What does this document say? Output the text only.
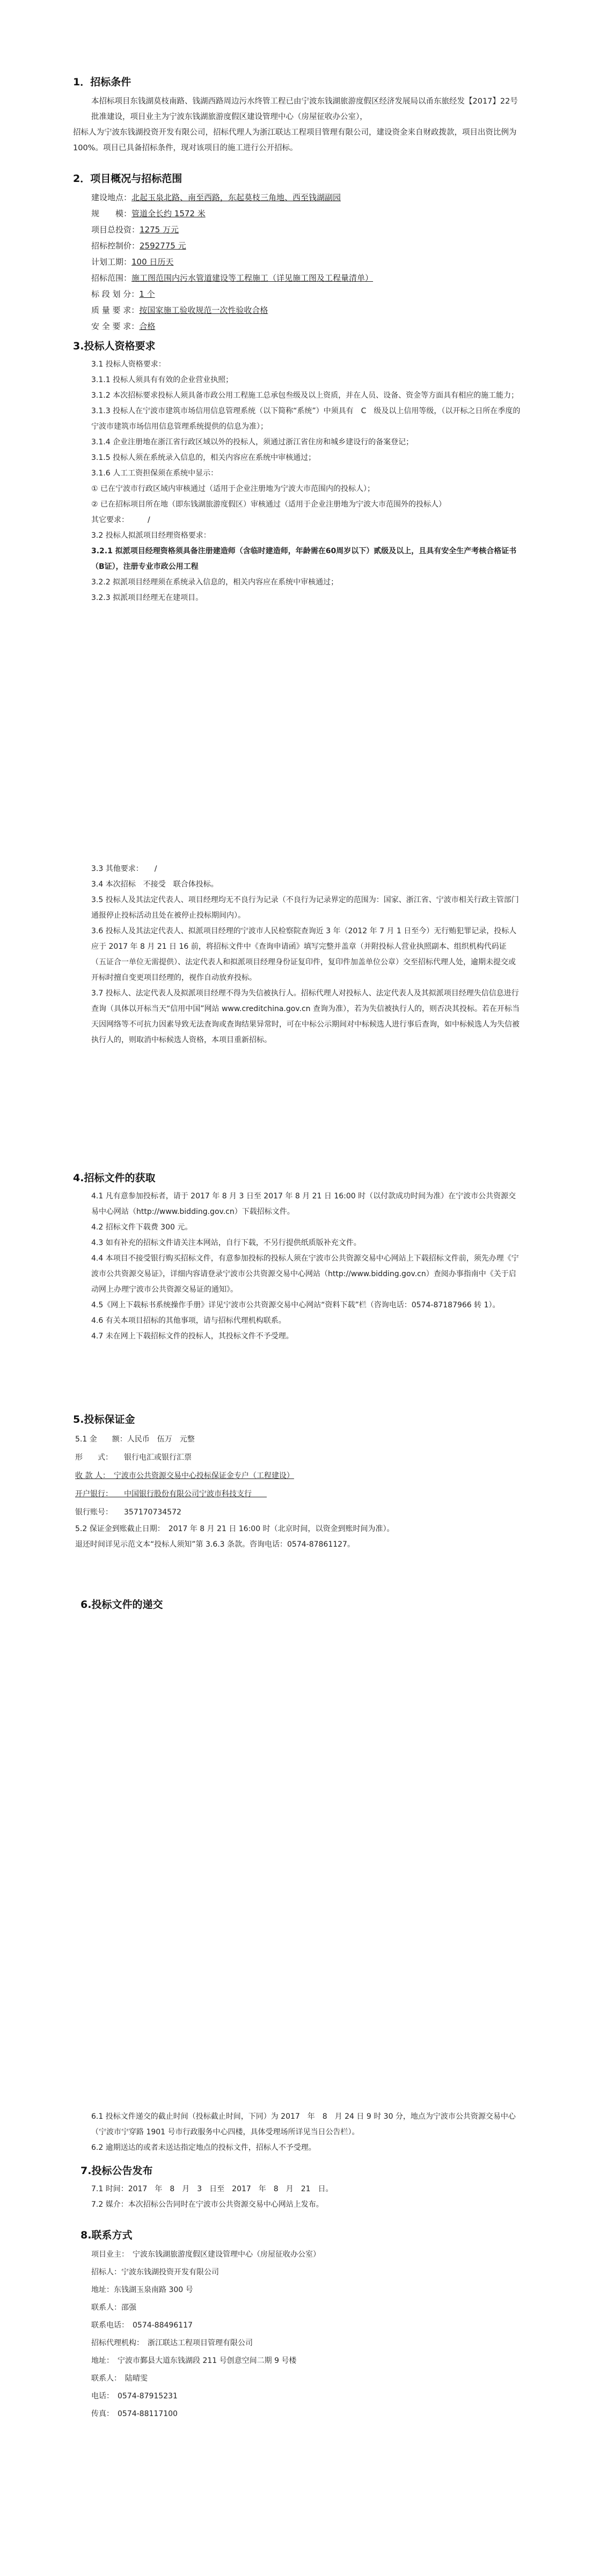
1．招标条件

本招标项目东钱湖莫枝南路、钱湖西路周边污水终管工程已由宁波东钱湖旅游度假区经济发展局以甬东旅经发【2017】22号批准建设，项目业主为宁波东钱湖旅游度假区建设管理中心（房屋征收办公室），

招标人为宁波东钱湖投资开发有限公司，招标代理人为浙江联达工程项目管理有限公司，建设资金来自财政拨款，项目出资比例为100%。项目已具备招标条件，现对该项目的施工进行公开招标。

2．项目概况与招标范围

建设地点：北起玉泉北路、南至西路，东起莫枝三角地、西至钱湖副园
规　　模：管道全长约 1572 米
项目总投资：1275 万元
招标控制价：2592775 元
计划工期：100 日历天
招标范围：施工图范围内污水管道建设等工程施工（详见施工图及工程量清单）
标 段 划 分：1 个
质 量 要 求：按国家施工验收规范一次性验收合格
安 全 要 求：合格

3.投标人资格要求

3.1 投标人资格要求：

3.1.1 投标人须具有有效的企业营业执照；

3.1.2 本次招标要求投标人须具备市政公用工程施工总承包叁级及以上资质，并在人员、设备、资金等方面具有相应的施工能力；

3.1.3 投标人在宁波市建筑市场信用信息管理系统（以下简称“系统”）中须具有　C　级及以上信用等级，（以开标之日所在季度的宁波市建筑市场信用信息管理系统提供的信息为准）；

3.1.4 企业注册地在浙江省行政区域以外的投标人，须通过浙江省住房和城乡建设行的备案登记；

3.1.5 投标人须在系统录入信息的，相关内容应在系统中审核通过；

3.1.6 人工工资担保须在系统中显示：

① 已在宁波市行政区域内审核通过（适用于企业注册地为宁波大市范围内的投标人）；

② 已在招标项目所在地（即东钱湖旅游度假区）审核通过（适用于企业注册地为宁波大市范围外的投标人）

其它要求：　　　/　　　　　

3.2 投标人拟派项目经理资格要求：

3.2.1 拟派项目经理资格须具备注册建造师（含临时建造师，年龄需在60周岁以下）贰级及以上，且具有安全生产考核合格证书（B证），注册专业市政公用工程

3.2.2 拟派项目经理须在系统录入信息的，相关内容应在系统中审核通过；

3.2.3 拟派项目经理无在建项目。

3.3 其他要求：　　/　　　　　　

3.4 本次招标　不接受　联合体投标。

3.5 投标人及其法定代表人、项目经理均无不良行为记录（不良行为记录界定的范围为：国家、浙江省、宁波市相关行政主管部门通报停止投标活动且处在被停止投标期间内）。

3.6 投标人及其法定代表人、拟派项目经理的宁波市人民检察院查询近 3 年（2012 年 7 月 1 日至今）无行贿犯罪记录，投标人应于 2017 年 8 月 21 日 16 前，将招标文件中《查询申请函》填写完整并盖章（并附投标人营业执照副本、组织机构代码证（五证合一单位无需提供）、法定代表人和拟派项目经理身份证复印件，复印件加盖单位公章）交至招标代理人处，逾期未提交或开标时擅自变更项目经理的，视作自动放弃投标。

3.7 投标人、法定代表人及拟派项目经理不得为失信被执行人。招标代理人对投标人、法定代表人及其拟派项目经理失信信息进行查询（具体以开标当天“信用中国”网站 www.creditchina.gov.cn 查询为准），若为失信被执行人的，则否决其投标。若在开标当天因网络等不可抗力因素导致无法查询或查询结果异常时，可在中标公示期间对中标候选人进行事后查询，如中标候选人为失信被执行人的，则取消中标候选人资格，本项目重新招标。

4.招标文件的获取

4.1 凡有意参加投标者，请于 2017 年 8 月 3 日至 2017 年 8 月 21 日 16:00 时（以付款成功时间为准）在宁波市公共资源交易中心网站（http://www.bidding.gov.cn）下载招标文件。

4.2 招标文件下载费 300 元。

4.3 如有补充的招标文件请关注本网站，自行下载，不另行提供纸质版补充文件。

4.4 本项目不接受银行购买招标文件，有意参加投标的投标人须在宁波市公共资源交易中心网站上下载招标文件前，须先办理《宁波市公共资源交易证》，详细内容请登录宁波市公共资源交易中心网站（http://www.bidding.gov.cn）查阅办事指南中《关于启动网上办理宁波市公共资源交易证的通知》。

4.5《网上下载标书系统操作手册》详见宁波市公共资源交易中心网站“资料下载”栏（咨询电话：0574-87187966 转 1）。

4.6 有关本项目招标的其他事项，请与招标代理机构联系。

4.7 未在网上下载招标文件的投标人，其投标文件不予受理。

5.投标保证金

5.1 金　　额：人民币　伍万　元整

形　　式：　　银行电汇或银行汇票　　　　　

收 款 人：　宁波市公共资源交易中心投标保证金专户（工程建设）

开户银行：　　中国银行股份有限公司宁波市科技支行　　

银行账号：　　357170734572　　

5.2 保证金到账截止日期：　2017 年 8 月 21 日 16:00 时（北京时间，以资金到账时间为准）。

退还时间详见示范文本“投标人须知”第 3.6.3 条款。咨询电话：0574-87861127。

6.投标文件的递交

6.1 投标文件递交的截止时间（投标截止时间，下同）为 2017　年　8　月 24 日 9 时 30 分，地点为宁波市公共资源交易中心（宁波市宁穿路 1901 号市行政服务中心四楼，具体受理场所详见当日公告栏）。

6.2 逾期送达的或者未送达指定地点的投标文件，招标人不予受理。

7.投标公告发布

7.1 时间：2017　年　8　月　3　日至　2017　年　8　月　21　日。

7.2 媒介：本次招标公告同时在宁波市公共资源交易中心网站上发布。

8.联系方式

项目业主：　宁波东钱湖旅游度假区建设管理中心（房屋征收办公室）　　

招标人：宁波东钱湖投资开发有限公司　　　　

地址：东钱湖玉泉南路 300 号　　　　　

联系人：邵强　　

联系电话：　0574-88496117　　

招标代理机构：　浙江联达工程项目管理有限公司　　　　

地址：　宁波市鄞县大道东钱湖段 211 号创意空间二期 9 号楼

联系人：　陆晴雯　　

电话：　0574-87915231　

传真：　0574-88117100　
